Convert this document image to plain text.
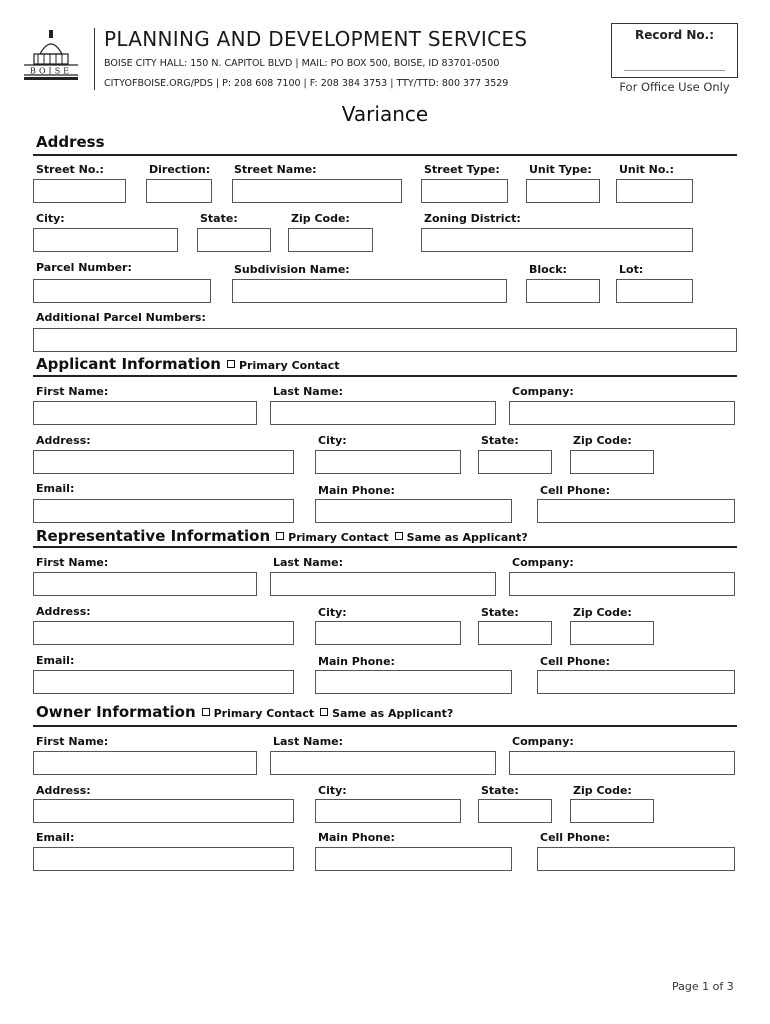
BOISE
PLANNING AND DEVELOPMENT SERVICES
BOISE CITY HALL: 150 N. CAPITOL BLVD | MAIL: PO BOX 500, BOISE, ID 83701-0500
CITYOFBOISE.ORG/PDS | P: 208 608 7100 | F: 208 384 3753 | TTY/TTD: 800 377 3529
Record No.:
For Office Use Only
Variance
Address
Street No.:	Direction: Street Name:	Street Type:	Unit Type: Unit No.:
City:	State:	Zip Code:	Zoning District:
Parcel Number:	Subdivision Name:	Block:	Lot:
Additional Parcel Numbers:
Applicant Information Primary Contact
First Name:	Last Name:	Company:
Address:	City:	State:	Zip Code:
Email:	Main Phone:	Cell Phone:
Representative Information Primary Contact Same as Applicant?
First Name:	Last Name:	Company:
Address:	City:	State:	Zip Code:
Email:	Main Phone:	Cell Phone:
Owner Information Primary Contact Same as Applicant?
First Name:	Last Name:	Company:
Address:	City:	State:	Zip Code:
Email:	Main Phone:	Cell Phone:
Page 1 of 3
